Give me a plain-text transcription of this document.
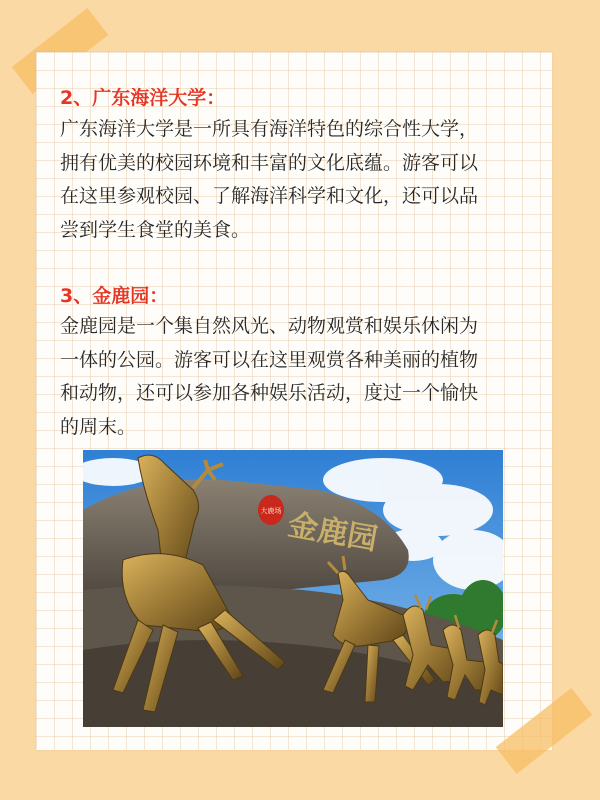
2、广东海洋大学：
广东海洋大学是一所具有海洋特色的综合性大学，
拥有优美的校园环境和丰富的文化底蕴。游客可以
在这里参观校园、了解海洋科学和文化，还可以品
尝到学生食堂的美食。
3、金鹿园：
金鹿园是一个集自然风光、动物观赏和娱乐休闲为
一体的公园。游客可以在这里观赏各种美丽的植物
和动物，还可以参加各种娱乐活动，度过一个愉快
的周末。
大鹿场 金鹿园
